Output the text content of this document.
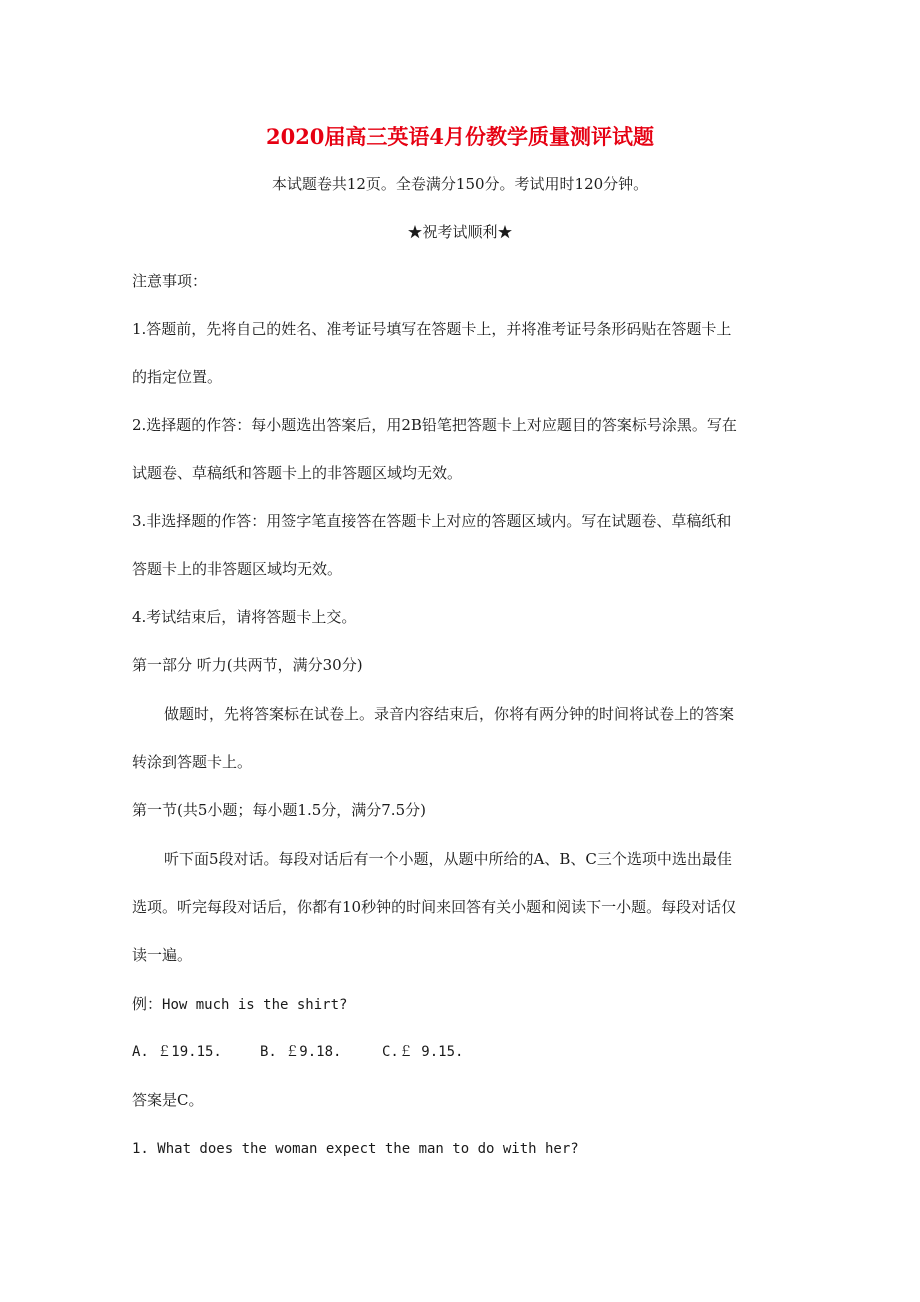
2020届高三英语4月份教学质量测评试题
本试题卷共12页。全卷满分150分。考试用时120分钟。
★祝考试顺利★
注意事项：
1.答题前，先将自己的姓名、准考证号填写在答题卡上，并将准考证号条形码贴在答题卡上
的指定位置。
2.选择题的作答：每小题选出答案后，用2B铅笔把答题卡上对应题目的答案标号涂黑。写在
试题卷、草稿纸和答题卡上的非答题区域均无效。
3.非选择题的作答：用签字笔直接答在答题卡上对应的答题区域内。写在试题卷、草稿纸和
答题卡上的非答题区域均无效。
4.考试结束后，请将答题卡上交。
第一部分 听力(共两节，满分30分)
做题时，先将答案标在试卷上。录音内容结束后，你将有两分钟的时间将试卷上的答案
转涂到答题卡上。
第一节(共5小题；每小题1.5分，满分7.5分)
听下面5段对话。每段对话后有一个小题，从题中所给的A、B、C三个选项中选出最佳
选项。听完每段对话后，你都有10秒钟的时间来回答有关小题和阅读下一小题。每段对话仅
读一遍。
例：How much is the shirt?
A. ￡19.15.	B. ￡9.18.	C.￡ 9.15.
答案是C。
1. What does the woman expect the man to do with her?
